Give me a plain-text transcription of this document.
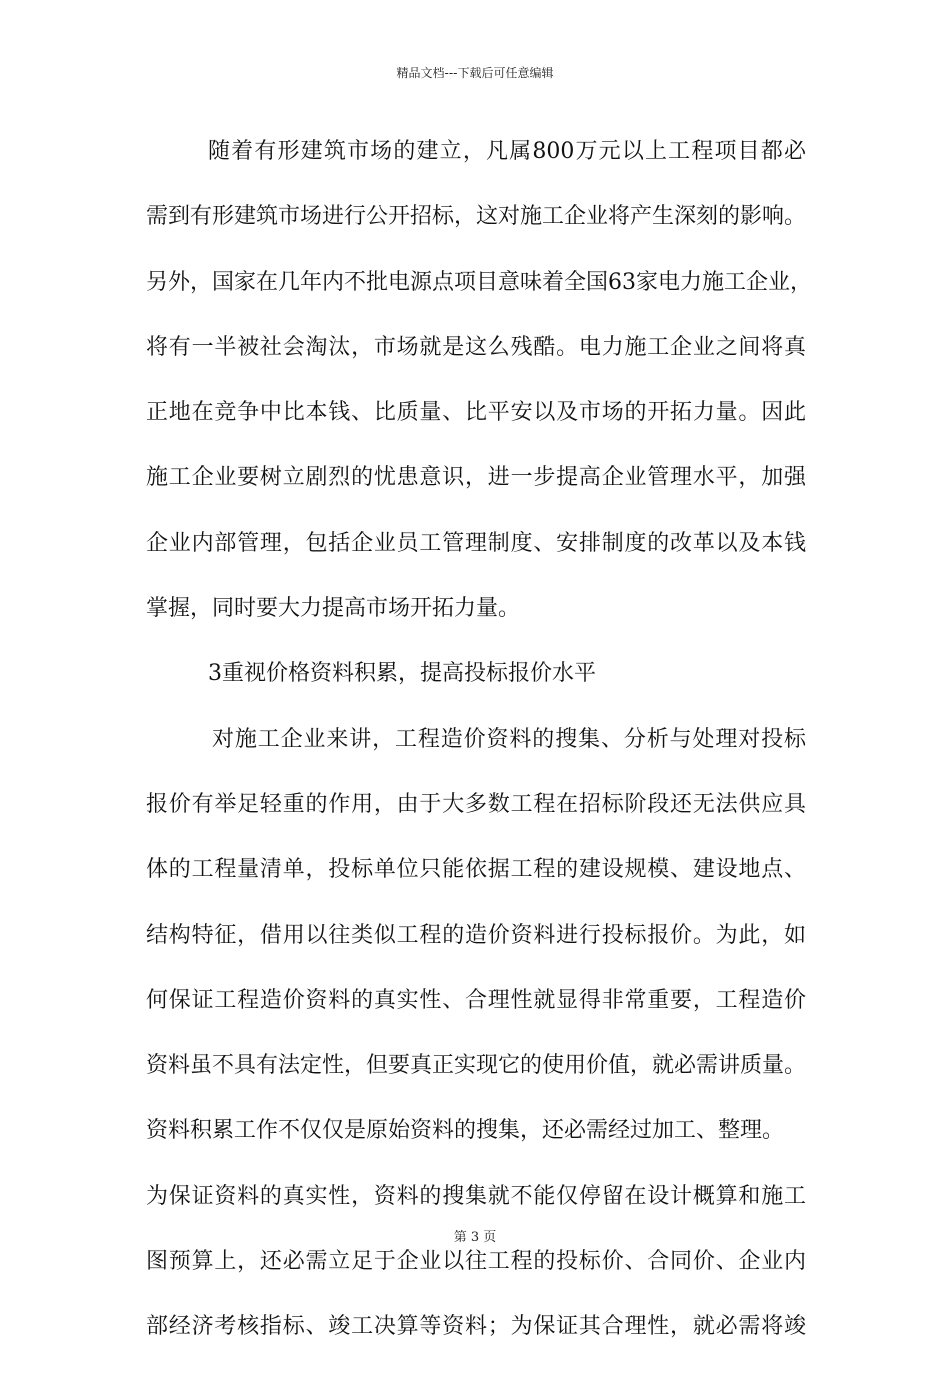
精品文档---下载后可任意编辑
随着有形建筑市场的建立，凡属800万元以上工程项目都必
需到有形建筑市场进行公开招标，这对施工企业将产生深刻的影响。
另外，国家在几年内不批电源点项目意味着全国63家电力施工企业，
将有一半被社会淘汰，市场就是这么残酷。电力施工企业之间将真
正地在竞争中比本钱、比质量、比平安以及市场的开拓力量。因此
施工企业要树立剧烈的忧患意识，进一步提高企业管理水平，加强
企业内部管理，包括企业员工管理制度、安排制度的改革以及本钱
掌握，同时要大力提高市场开拓力量。
3重视价格资料积累，提高投标报价水平
对施工企业来讲，工程造价资料的搜集、分析与处理对投标
报价有举足轻重的作用，由于大多数工程在招标阶段还无法供应具
体的工程量清单，投标单位只能依据工程的建设规模、建设地点、
结构特征，借用以往类似工程的造价资料进行投标报价。为此，如
何保证工程造价资料的真实性、合理性就显得非常重要，工程造价
资料虽不具有法定性，但要真正实现它的使用价值，就必需讲质量。
资料积累工作不仅仅是原始资料的搜集，还必需经过加工、整理。
为保证资料的真实性，资料的搜集就不能仅停留在设计概算和施工
图预算上，还必需立足于企业以往工程的投标价、合同价、企业内
部经济考核指标、竣工决算等资料；为保证其合理性，就必需将竣
第 3 页
